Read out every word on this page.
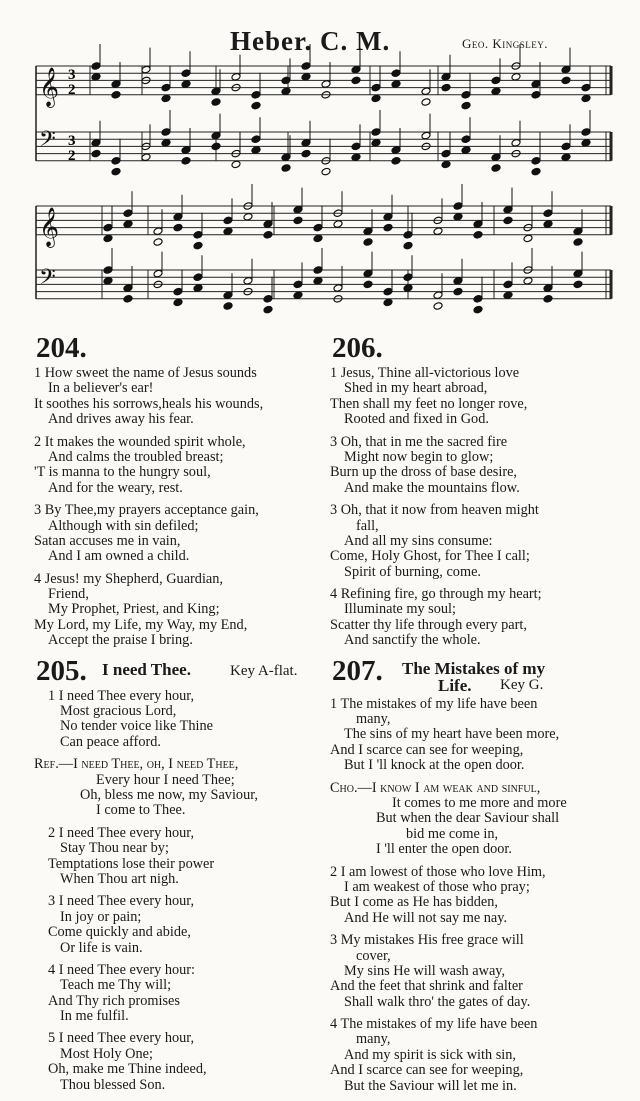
Heber. C. M.	Geo. Kingsley.
𝄞 3
2
𝄢 3
2
𝄞
𝄢
204.
1 How sweet the name of Jesus sounds
In a believer's ear!
It soothes his sorrows,heals his wounds,
And drives away his fear.
2 It makes the wounded spirit whole,
And calms the troubled breast;
'T is manna to the hungry soul,
And for the weary, rest.
3 By Thee,my prayers acceptance gain,
Although with sin defiled;
Satan accuses me in vain,
And I am owned a child.
4 Jesus! my Shepherd, Guardian,
Friend,
My Prophet, Priest, and King;
My Lord, my Life, my Way, my End,
Accept the praise I bring.
205. I need Thee.	Key A-flat.
1 I need Thee every hour,
Most gracious Lord,
No tender voice like Thine
Can peace afford.
Ref.—I need Thee, oh, I need Thee,
Every hour I need Thee;
Oh, bless me now, my Saviour,
I come to Thee.
2 I need Thee every hour,
Stay Thou near by;
Temptations lose their power
When Thou art nigh.
3 I need Thee every hour,
In joy or pain;
Come quickly and abide,
Or life is vain.
4 I need Thee every hour:
Teach me Thy will;
And Thy rich promises
In me fulfil.
5 I need Thee every hour,
Most Holy One;
Oh, make me Thine indeed,
Thou blessed Son.
206.
1 Jesus, Thine all-victorious love
Shed in my heart abroad,
Then shall my feet no longer rove,
Rooted and fixed in God.
3 Oh, that in me the sacred fire
Might now begin to glow;
Burn up the dross of base desire,
And make the mountains flow.
3 Oh, that it now from heaven might
fall,
And all my sins consume:
Come, Holy Ghost, for Thee I call;
Spirit of burning, come.
4 Refining fire, go through my heart;
Illuminate my soul;
Scatter thy life through every part,
And sanctify the whole.
207. The Mistakes of my
Life. Key G.
1 The mistakes of my life have been
many,
The sins of my heart have been more,
And I scarce can see for weeping,
But I 'll knock at the open door.
Cho.—I know I am weak and sinful,
It comes to me more and more
But when the dear Saviour shall
bid me come in,
I 'll enter the open door.
2 I am lowest of those who love Him,
I am weakest of those who pray;
But I come as He has bidden,
And He will not say me nay.
3 My mistakes His free grace will
cover,
My sins He will wash away,
And the feet that shrink and falter
Shall walk thro' the gates of day.
4 The mistakes of my life have been
many,
And my spirit is sick with sin,
And I scarce can see for weeping,
But the Saviour will let me in.
